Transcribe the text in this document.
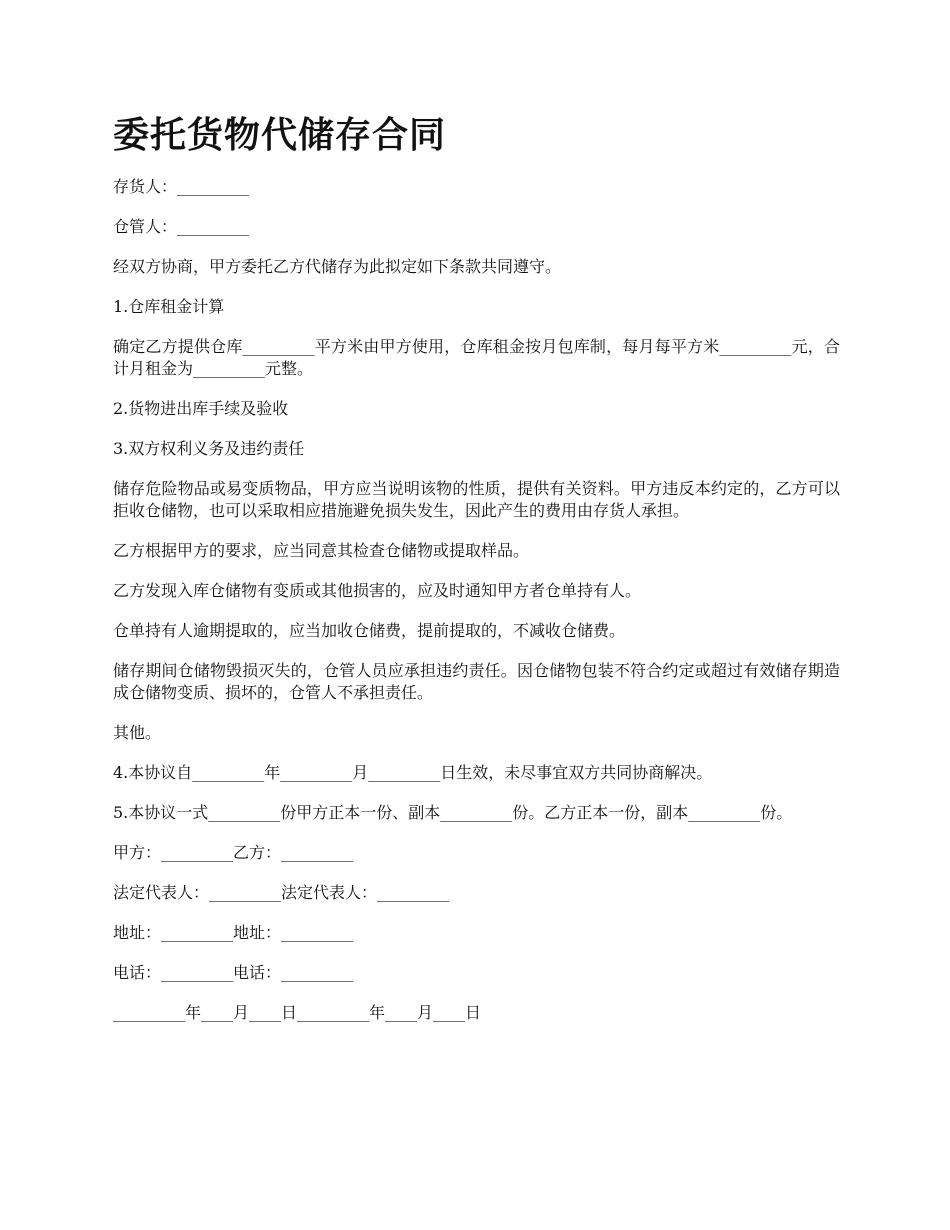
委托货物代储存合同

存货人：_________

仓管人：_________

经双方协商，甲方委托乙方代储存为此拟定如下条款共同遵守。

1.仓库租金计算

确定乙方提供仓库_________平方米由甲方使用，仓库租金按月包库制，每月每平方米_________元，合计月租金为_________元整。

2.货物进出库手续及验收

3.双方权利义务及违约责任

储存危险物品或易变质物品，甲方应当说明该物的性质，提供有关资料。甲方违反本约定的，乙方可以拒收仓储物，也可以采取相应措施避免损失发生，因此产生的费用由存货人承担。

乙方根据甲方的要求，应当同意其检查仓储物或提取样品。

乙方发现入库仓储物有变质或其他损害的，应及时通知甲方者仓单持有人。

仓单持有人逾期提取的，应当加收仓储费，提前提取的，不减收仓储费。

储存期间仓储物毁损灭失的，仓管人员应承担违约责任。因仓储物包装不符合约定或超过有效储存期造成仓储物变质、损坏的，仓管人不承担责任。

其他。

4.本协议自_________年_________月_________日生效，未尽事宜双方共同协商解决。

5.本协议一式_________份甲方正本一份、副本_________份。乙方正本一份，副本_________份。

甲方：_________乙方：_________

法定代表人：_________法定代表人：_________

地址：_________地址：_________

电话：_________电话：_________

_________年____月____日_________年____月____日
